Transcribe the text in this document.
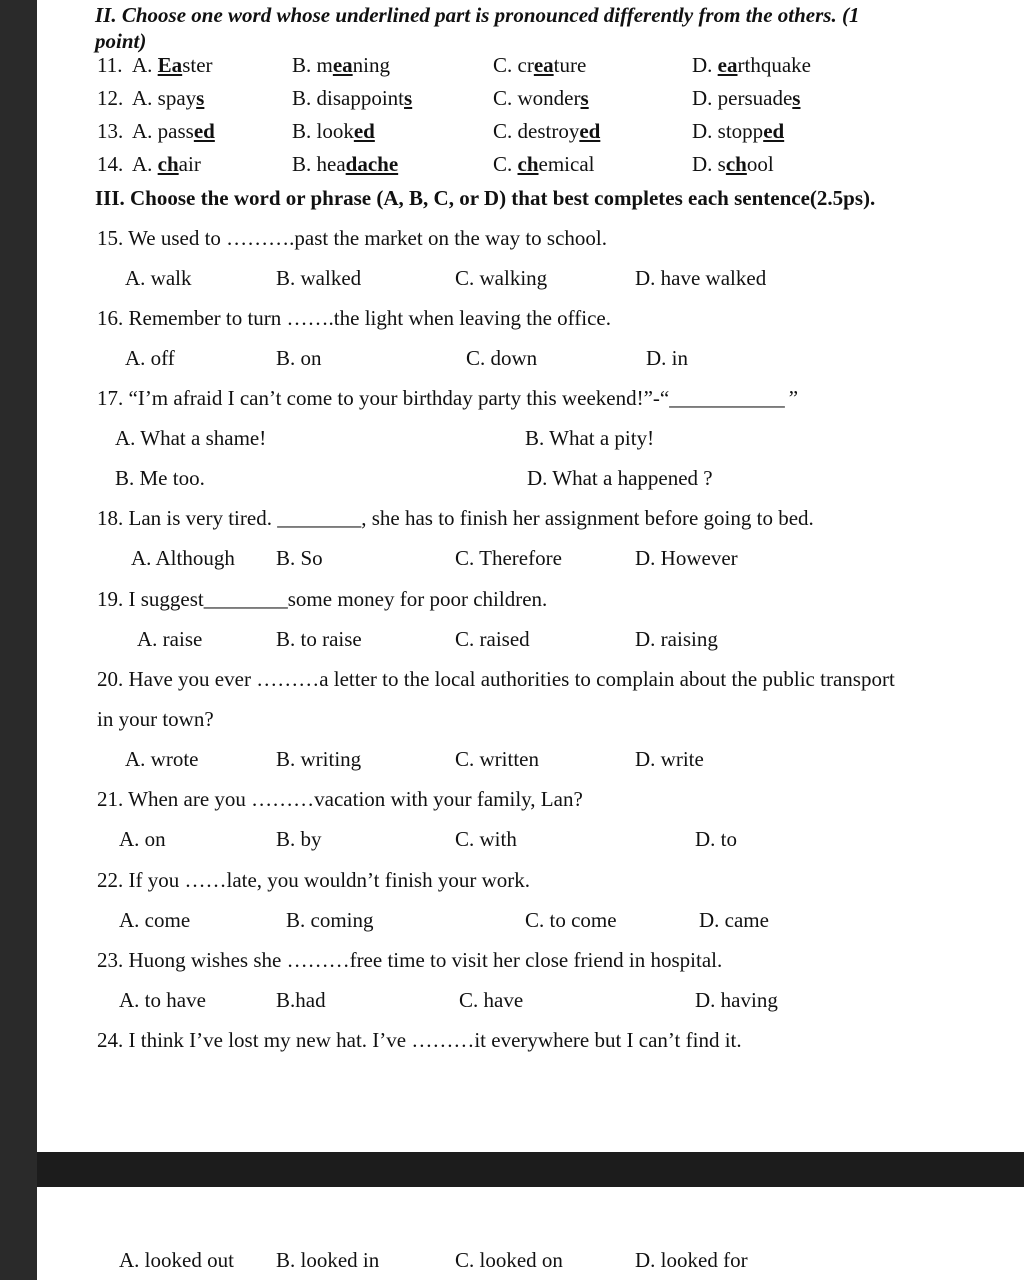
II. Choose one word whose underlined part is pronounced differently from the others. (1
point)
11. A. Easter	B. meaning	C. creature	D. earthquake
12. A. spays	B. disappoints	C. wonders	D. persuades
13. A. passed	B. looked	C. destroyed	D. stopped
14. A. chair	B. headache	C. chemical	D. school
III. Choose the word or phrase (A, B, C, or D) that best completes each sentence(2.5ps).
15. We used to ……….past the market on the way to school.
A. walk	B. walked	C. walking	D. have walked
16. Remember to turn …….the light when leaving the office.
A. off	B. on	C. down	D. in
17. “I’m afraid I can’t come to your birthday party this weekend!”-“___________ ”
A. What a shame!	B. What a pity!
B. Me too.	D. What a happened ?
18. Lan is very tired. ________, she has to finish her assignment before going to bed.
A. Although B. So	C. Therefore	D. However
19. I suggest________some money for poor children.
A. raise	B. to raise	C. raised	D. raising
20. Have you ever ………a letter to the local authorities to complain about the public transport
in your town?
A. wrote	B. writing	C. written	D. write
21. When are you ………vacation with your family, Lan?
A. on	B. by	C. with	D. to
22. If you ……late, you wouldn’t finish your work.
A. come	B. coming	C. to come	D. came
23. Huong wishes she ………free time to visit her close friend in hospital.
A. to have	B.had	C. have	D. having
24. I think I’ve lost my new hat. I’ve ………it everywhere but I can’t find it.
A. looked out B. looked in	C. looked on	D. looked for
